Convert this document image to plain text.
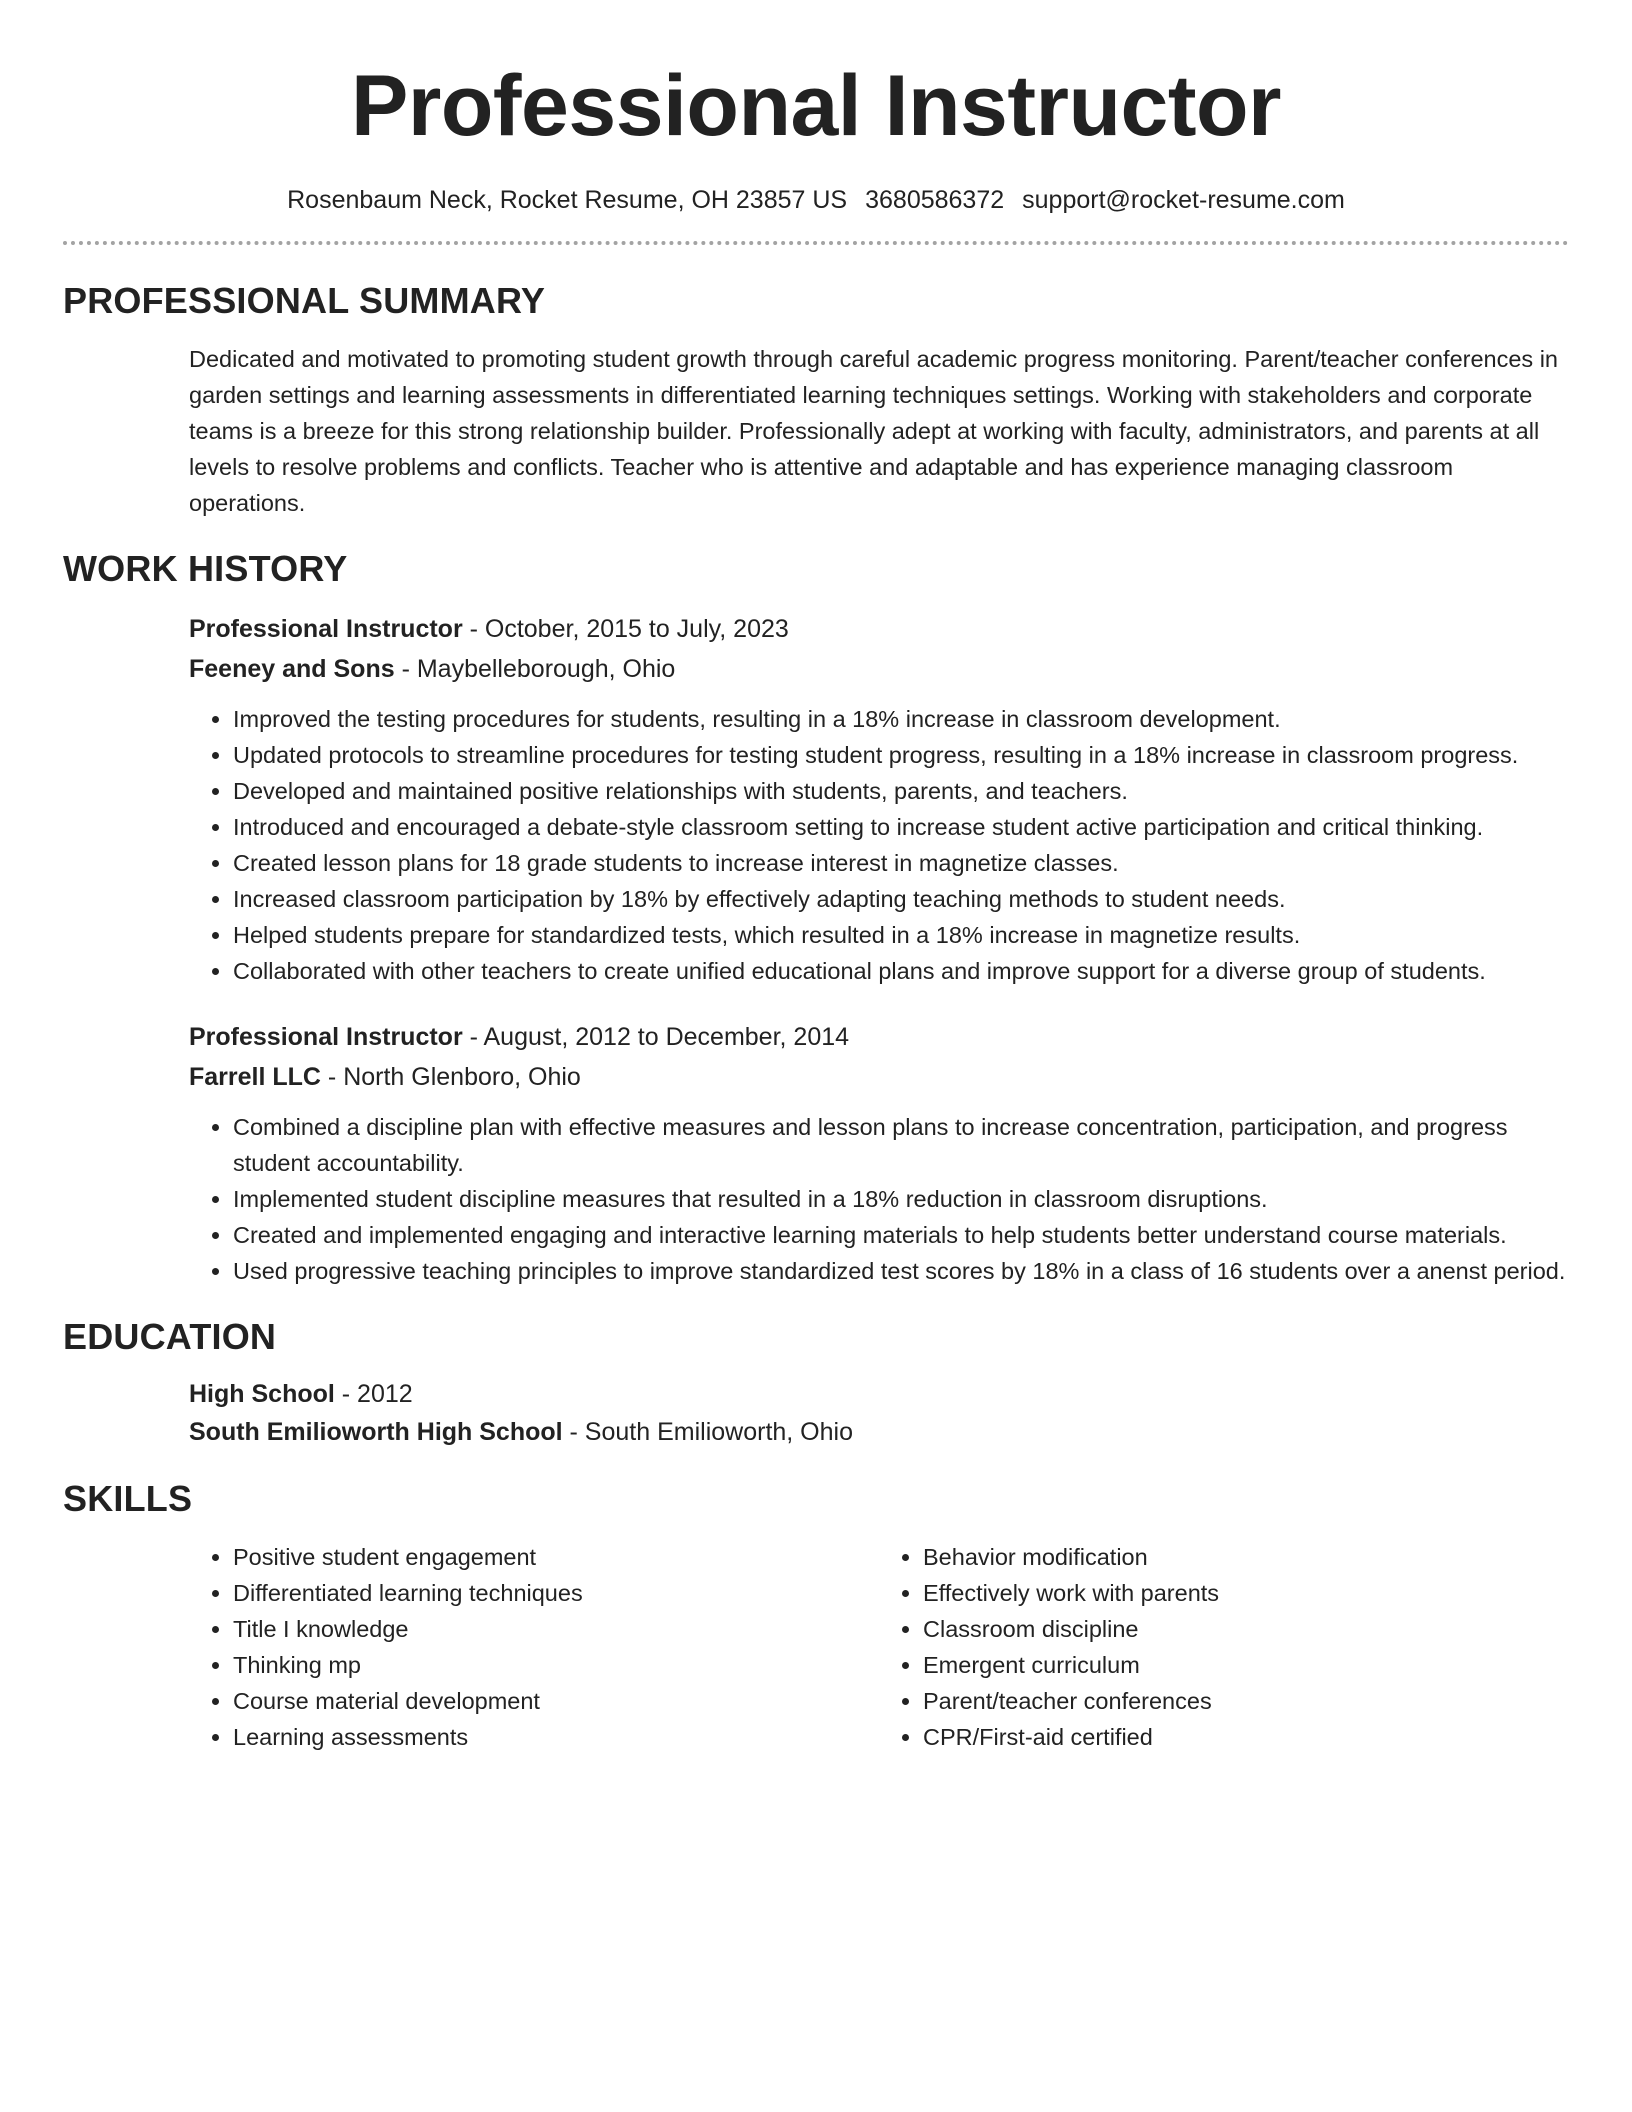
Professional Instructor
Rosenbaum Neck, Rocket Resume, OH 23857 US 3680586372 support@rocket-resume.com
PROFESSIONAL SUMMARY

Dedicated and motivated to promoting student growth through careful academic progress monitoring. Parent/teacher conferences in garden settings and learning assessments in differentiated learning techniques settings. Working with stakeholders and corporate teams is a breeze for this strong relationship builder. Professionally adept at working with faculty, administrators, and parents at all levels to resolve problems and conflicts. Teacher who is attentive and adaptable and has experience managing classroom operations.

WORK HISTORY
Professional Instructor - October, 2015 to July, 2023
Feeney and Sons - Maybelleborough, Ohio
• Improved the testing procedures for students, resulting in a 18% increase in classroom development.
• Updated protocols to streamline procedures for testing student progress, resulting in a 18% increase in classroom progress.
• Developed and maintained positive relationships with students, parents, and teachers.
• Introduced and encouraged a debate-style classroom setting to increase student active participation and critical thinking.
• Created lesson plans for 18 grade students to increase interest in magnetize classes.
• Increased classroom participation by 18% by effectively adapting teaching methods to student needs.
• Helped students prepare for standardized tests, which resulted in a 18% increase in magnetize results.
• Collaborated with other teachers to create unified educational plans and improve support for a diverse group of students.
Professional Instructor - August, 2012 to December, 2014
Farrell LLC - North Glenboro, Ohio
• Combined a discipline plan with effective measures and lesson plans to increase concentration, participation, and progress student accountability.
• Implemented student discipline measures that resulted in a 18% reduction in classroom disruptions.
• Created and implemented engaging and interactive learning materials to help students better understand course materials.
• Used progressive teaching principles to improve standardized test scores by 18% in a class of 16 students over a anenst period.
EDUCATION
High School - 2012
South Emilioworth High School - South Emilioworth, Ohio
SKILLS
• Positive student engagement
• Differentiated learning techniques
• Title I knowledge
• Thinking mp
• Course material development
• Learning assessments
• Behavior modification
• Effectively work with parents
• Classroom discipline
• Emergent curriculum
• Parent/teacher conferences
• CPR/First-aid certified
